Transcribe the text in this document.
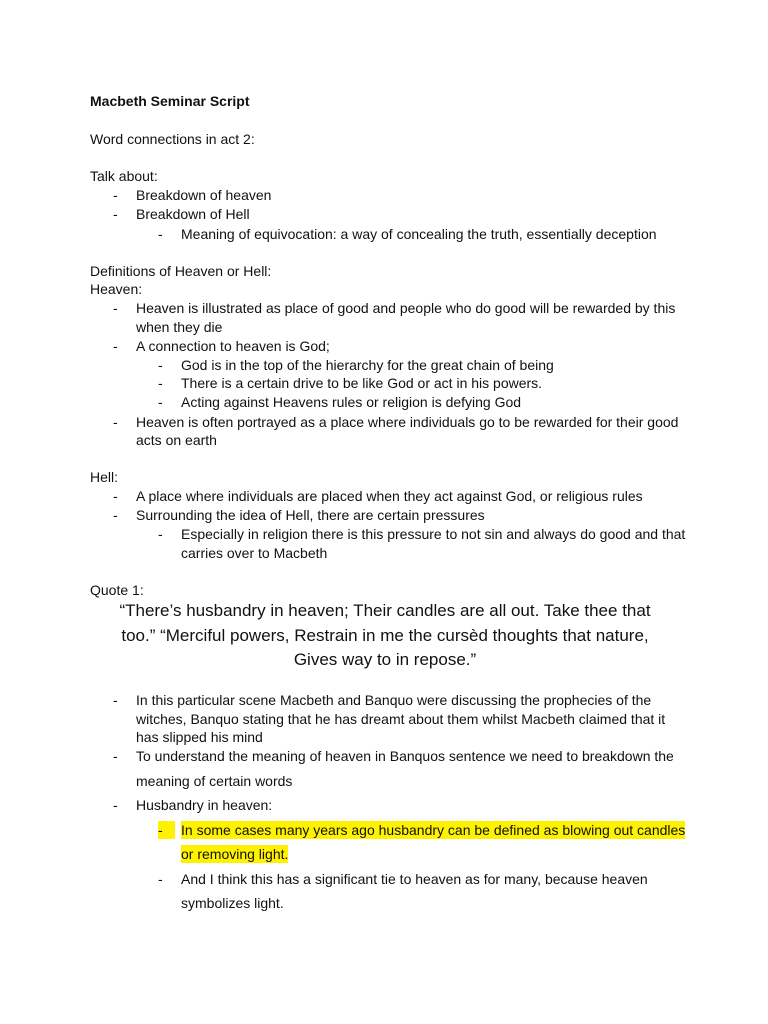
Macbeth Seminar Script
Word connections in act 2:
Talk about:
- Breakdown of heaven
- Breakdown of Hell
- Meaning of equivocation: a way of concealing the truth, essentially deception
Definitions of Heaven or Hell:
Heaven:
- Heaven is illustrated as place of good and people who do good will be rewarded by this
when they die
- A connection to heaven is God;
- God is in the top of the hierarchy for the great chain of being
- There is a certain drive to be like God or act in his powers.
- Acting against Heavens rules or religion is defying God
- Heaven is often portrayed as a place where individuals go to be rewarded for their good
acts on earth
Hell:
- A place where individuals are placed when they act against God, or religious rules
- Surrounding the idea of Hell, there are certain pressures
- Especially in religion there is this pressure to not sin and always do good and that
carries over to Macbeth
Quote 1:
“There’s husbandry in heaven; Their candles are all out. Take thee that
too.” “Merciful powers, Restrain in me the cursèd thoughts that nature,
Gives way to in repose.”
- In this particular scene Macbeth and Banquo were discussing the prophecies of the
witches, Banquo stating that he has dreamt about them whilst Macbeth claimed that it
has slipped his mind
- To understand the meaning of heaven in Banquos sentence we need to breakdown the
meaning of certain words
- Husbandry in heaven:
-	In some cases many years ago husbandry can be defined as blowing out candles
or removing light.
- And I think this has a significant tie to heaven as for many, because heaven
symbolizes light.
